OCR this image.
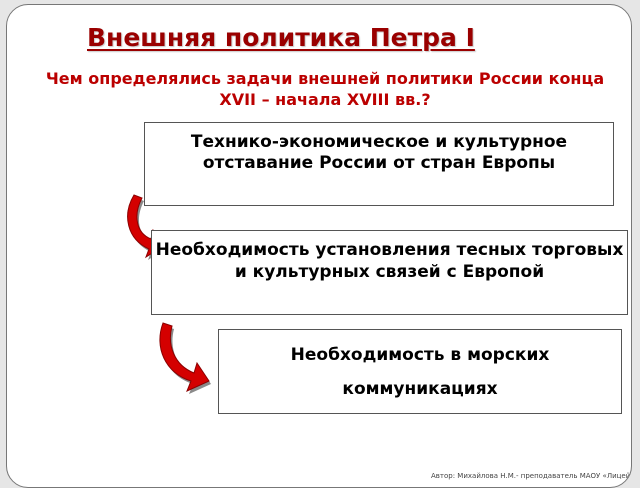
Внешняя политика Петра I

Чем определялись задачи внешней политики России конца XVII – начала XVIII вв.?

Технико-экономическое и культурное отставание России от стран Европы
Необходимость установления тесных торговых и культурных связей с Европой
Необходимость в морских коммуникациях
Автор: Михайлова Н.М.- преподаватель МАОУ «Лицей
